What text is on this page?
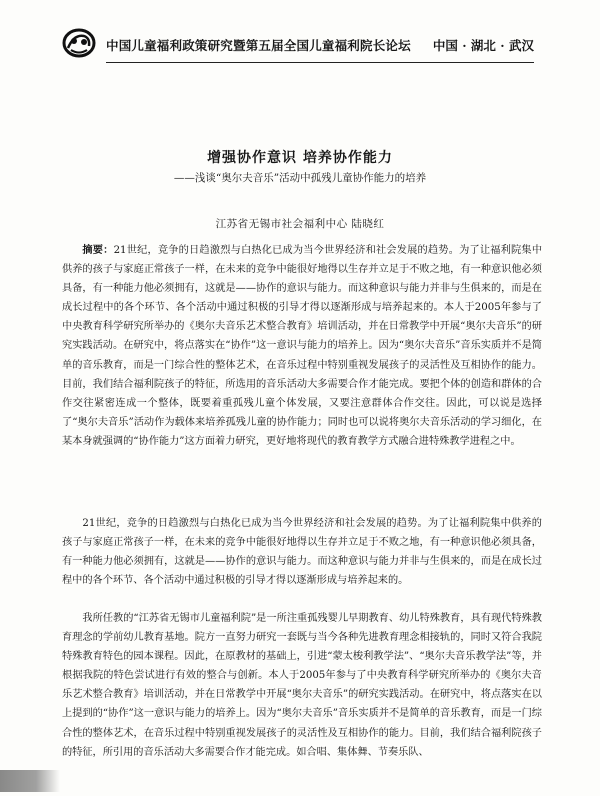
中国儿童福利政策研究暨第五届全国儿童福利院长论坛 中国 · 湖北 · 武汉
增强协作意识 培养协作能力
——浅谈“奥尔夫音乐”活动中孤残儿童协作能力的培养
江苏省无锡市社会福利中心 陆晓红
摘要：21世纪，竞争的日趋激烈与白热化已成为当今世界经济和社会发展的趋势。为了让福利院集中供养的孩子与家庭正常孩子一样，在未来的竞争中能很好地得以生存并立足于不败之地，有一种意识他必须具备，有一种能力他必须拥有，这就是——协作的意识与能力。而这种意识与能力并非与生俱来的，而是在成长过程中的各个环节、各个活动中通过积极的引导才得以逐渐形成与培养起来的。本人于2005年参与了中央教育科学研究所举办的《奥尔夫音乐艺术整合教育》培训活动，并在日常教学中开展“奥尔夫音乐”的研究实践活动。在研究中，将点落实在“协作”这一意识与能力的培养上。因为“奥尔夫音乐”音乐实质并不是简单的音乐教育，而是一门综合性的整体艺术，在音乐过程中特别重视发展孩子的灵活性及互相协作的能力。目前，我们结合福利院孩子的特征，所选用的音乐活动大多需要合作才能完成。要把个体的创造和群体的合作交往紧密连成一个整体，既要着重孤残儿童个体发展，又要注意群体合作交往。因此，可以说是选择了“奥尔夫音乐”活动作为载体来培养孤残儿童的协作能力；同时也可以说将奥尔夫音乐活动的学习细化，在某本身就强调的“协作能力”这方面着力研究，更好地将现代的教育教学方式融合进特殊教学进程之中。
21世纪，竞争的日趋激烈与白热化已成为当今世界经济和社会发展的趋势。为了让福利院集中供养的孩子与家庭正常孩子一样，在未来的竞争中能很好地得以生存并立足于不败之地，有一种意识他必须具备，有一种能力他必须拥有，这就是——协作的意识与能力。而这种意识与能力并非与生俱来的，而是在成长过程中的各个环节、各个活动中通过积极的引导才得以逐渐形成与培养起来的。
我所任教的“江苏省无锡市儿童福利院”是一所注重孤残婴儿早期教育、幼儿特殊教育，具有现代特殊教育理念的学前幼儿教育基地。院方一直努力研究一套既与当今各种先进教育理念相接轨的，同时又符合我院特殊教育特色的园本课程。因此，在原教材的基础上，引进“蒙太梭利教学法”、“奥尔夫音乐教学法”等，并根据我院的特色尝试进行有效的整合与创新。本人于2005年参与了中央教育科学研究所举办的《奥尔夫音乐艺术整合教育》培训活动，并在日常教学中开展“奥尔夫音乐”的研究实践活动。在研究中，将点落实在以上提到的“协作”这一意识与能力的培养上。因为“奥尔夫音乐”音乐实质并不是简单的音乐教育，而是一门综合性的整体艺术，在音乐过程中特别重视发展孩子的灵活性及互相协作的能力。目前，我们结合福利院孩子的特征，所引用的音乐活动大多需要合作才能完成。如合唱、集体舞、节奏乐队、
